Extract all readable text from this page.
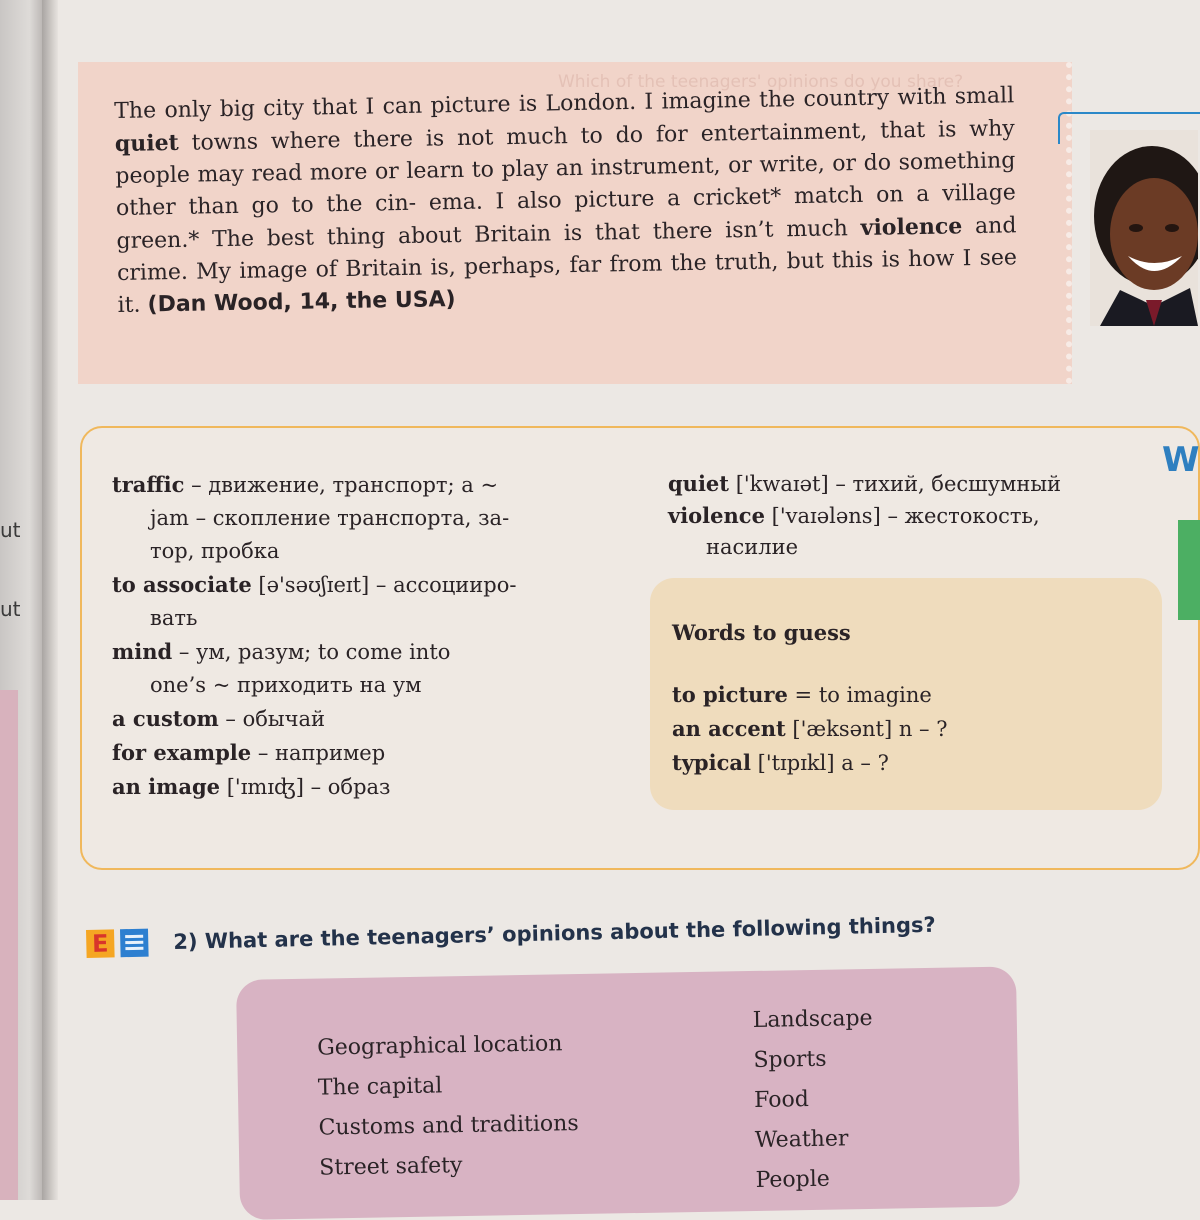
ut
ut
Which of the teenagers' opinions do you share?

The only big city that I can picture is London. I imagine the country with small quiet towns where there is not much to do for entertainment, that is why people may read more or learn to play an instrument, or write, or do something other than go to the cin- ema. I also picture a cricket* match on a village green.* The best thing about Britain is that there isn’t much violence and crime. My image of Britain is, perhaps, far from the truth, but this is how I see it. (Dan Wood, 14, the USA)

traffic – движение, транспорт; a ~
jam – скопление транспорта, за-
тор, пробка
to associate [ə'səʊʃɪeɪt] – ассоцииро-
вать
mind – ум, разум; to come into
one’s ~ приходить на ум
a custom – обычай
for example – например
an image ['ɪmɪʤ] – образ
quiet ['kwaɪət] – тихий, бесшумный
violence ['vaɪələns] – жестокость,
насилие
Words to guess
to picture = to imagine
an accent ['æksənt] n – ?
typical ['tɪpɪkl] a – ?
W
E	2) What are the teenagers’ opinions about the following things?
Geographical location
The capital
Customs and traditions
Street safety
Landscape
Sports
Food
Weather
People
